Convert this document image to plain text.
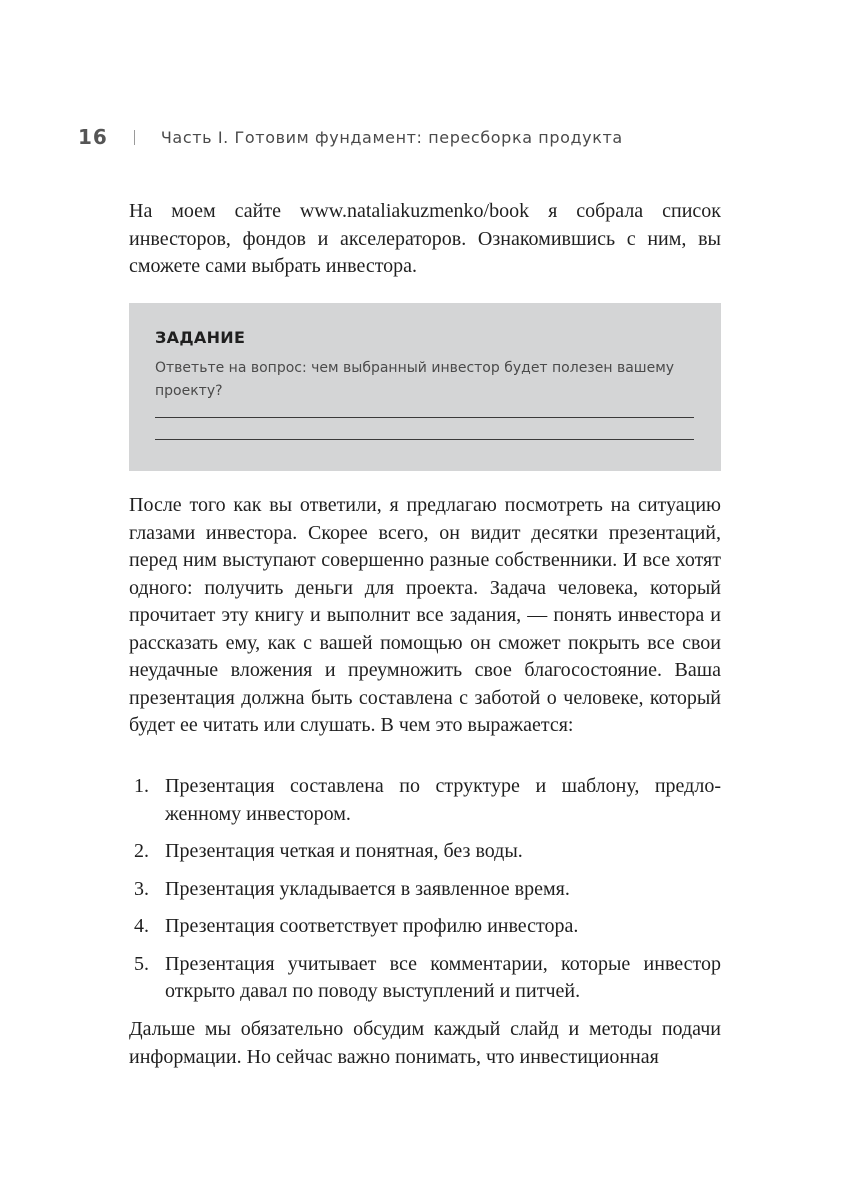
16	Часть I. Готовим фундамент: пересборка продукта

На моем сайте www.nataliakuzmenko/book я собрала список инвесторов, фондов и акселераторов. Ознакомившись с ним, вы сможете сами выбрать инвестора.

ЗАДАНИЕ

Ответьте на вопрос: чем выбранный инвестор будет полезен вашему проекту?

После того как вы ответили, я предлагаю посмотреть на ситуацию глазами инвестора. Скорее всего, он видит десятки презентаций, перед ним выступают совершенно разные собственники. И все хотят одного: получить деньги для проекта. Задача человека, который прочитает эту книгу и выполнит все задания, — понять инвестора и рассказать ему, как с вашей помощью он сможет покрыть все свои неудачные вложения и преумножить свое благосостояние. Ваша презентация должна быть составлена с заботой о человеке, который будет ее читать или слушать. В чем это выражается:

1. Презентация составлена по структуре и шаблону, предложенному инвестором.
2. Презентация четкая и понятная, без воды.
3. Презентация укладывается в заявленное время.
4. Презентация соответствует профилю инвестора.
5. Презентация учитывает все комментарии, которые инвестор открыто давал по поводу выступлений и питчей.

Дальше мы обязательно обсудим каждый слайд и методы подачи информации. Но сейчас важно понимать, что инвестиционная
